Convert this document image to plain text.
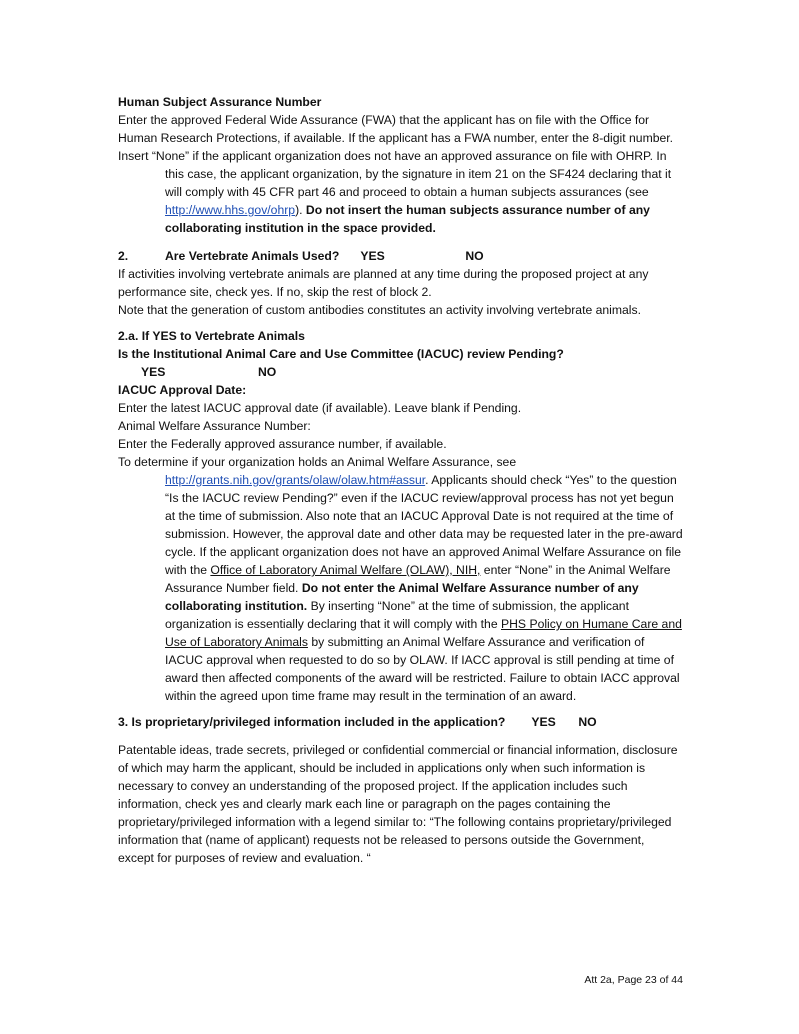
Human Subject Assurance Number

Enter the approved Federal Wide Assurance (FWA) that the applicant has on file with the Office for Human Research Protections, if available. If the applicant has a FWA number, enter the 8-digit number.

Insert “None” if the applicant organization does not have an approved assurance on file with OHRP. In

this case, the applicant organization, by the signature in item 21 on the SF424 declaring that it will comply with 45 CFR part 46 and proceed to obtain a human subjects assurances (see http://www.hhs.gov/ohrp). Do not insert the human subjects assurance number of any collaborating institution in the space provided.

2.	Are Vertebrate Animals Used? YES	NO

If activities involving vertebrate animals are planned at any time during the proposed project at any performance site, check yes. If no, skip the rest of block 2.

Note that the generation of custom antibodies constitutes an activity involving vertebrate animals.

2.a. If YES to Vertebrate Animals

Is the Institutional Animal Care and Use Committee (IACUC) review Pending?

YES	NO

IACUC Approval Date:

Enter the latest IACUC approval date (if available). Leave blank if Pending.

Animal Welfare Assurance Number:

Enter the Federally approved assurance number, if available.

To determine if your organization holds an Animal Welfare Assurance, see

http://grants.nih.gov/grants/olaw/olaw.htm#assur. Applicants should check “Yes” to the question “Is the IACUC review Pending?” even if the IACUC review/approval process has not yet begun at the time of submission. Also note that an IACUC Approval Date is not required at the time of submission. However, the approval date and other data may be requested later in the pre-award cycle. If the applicant organization does not have an approved Animal Welfare Assurance on file with the Office of Laboratory Animal Welfare (OLAW), NIH, enter “None” in the Animal Welfare Assurance Number field. Do not enter the Animal Welfare Assurance number of any collaborating institution. By inserting “None” at the time of submission, the applicant organization is essentially declaring that it will comply with the PHS Policy on Humane Care and Use of Laboratory Animals by submitting an Animal Welfare Assurance and verification of IACUC approval when requested to do so by OLAW. If IACC approval is still pending at time of award then affected components of the award will be restricted. Failure to obtain IACC approval within the agreed upon time frame may result in the termination of an award.

3. Is proprietary/privileged information included in the application? YES NO

Patentable ideas, trade secrets, privileged or confidential commercial or financial information, disclosure of which may harm the applicant, should be included in applications only when such information is necessary to convey an understanding of the proposed project. If the application includes such information, check yes and clearly mark each line or paragraph on the pages containing the proprietary/privileged information with a legend similar to: “The following contains proprietary/privileged information that (name of applicant) requests not be released to persons outside the Government, except for purposes of review and evaluation. “

Att 2a, Page 23 of 44
